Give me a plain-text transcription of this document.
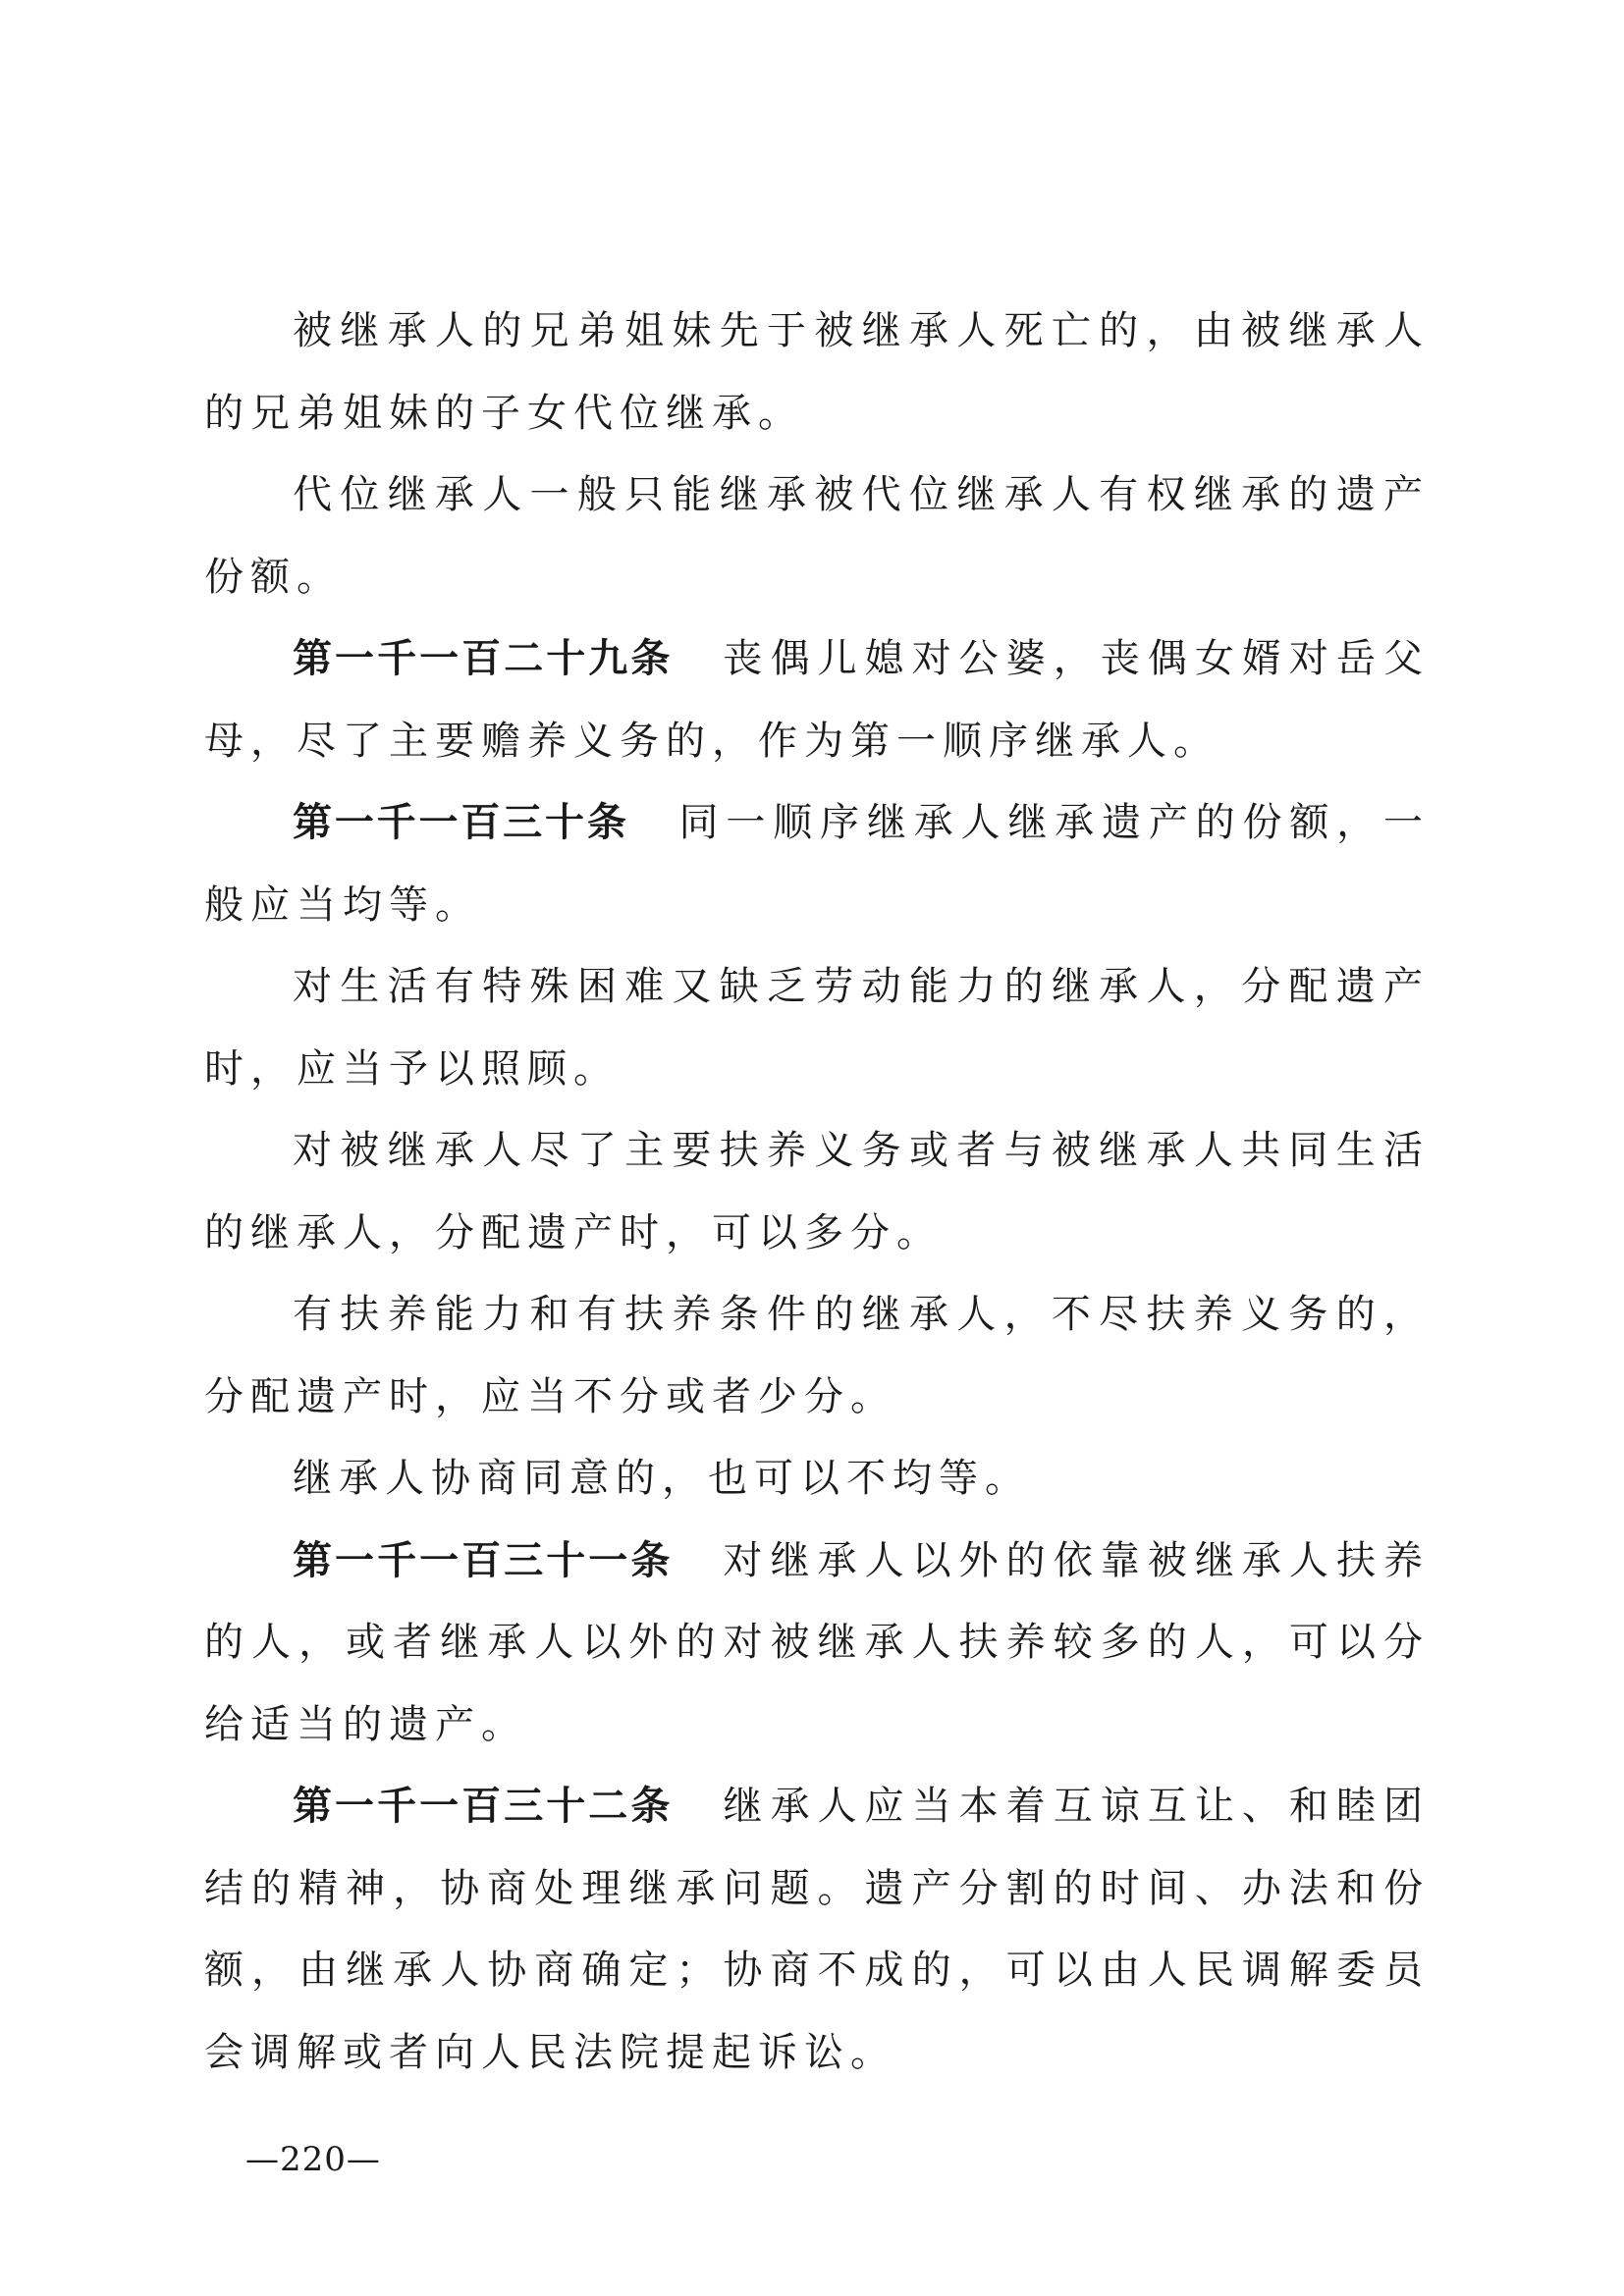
被继承人的兄弟姐妹先于被继承人死亡的，由被继承人的兄弟姐妹的子女代位继承。

代位继承人一般只能继承被代位继承人有权继承的遗产份额。

第一千一百二十九条 丧偶儿媳对公婆，丧偶女婿对岳父母，尽了主要赡养义务的，作为第一顺序继承人。

第一千一百三十条 同一顺序继承人继承遗产的份额，一般应当均等。

对生活有特殊困难又缺乏劳动能力的继承人，分配遗产时，应当予以照顾。

对被继承人尽了主要扶养义务或者与被继承人共同生活的继承人，分配遗产时，可以多分。

有扶养能力和有扶养条件的继承人，不尽扶养义务的，分配遗产时，应当不分或者少分。

继承人协商同意的，也可以不均等。

第一千一百三十一条 对继承人以外的依靠被继承人扶养的人，或者继承人以外的对被继承人扶养较多的人，可以分给适当的遗产。

第一千一百三十二条 继承人应当本着互谅互让、和睦团结的精神，协商处理继承问题。遗产分割的时间、办法和份额，由继承人协商确定；协商不成的，可以由人民调解委员会调解或者向人民法院提起诉讼。

—220—
